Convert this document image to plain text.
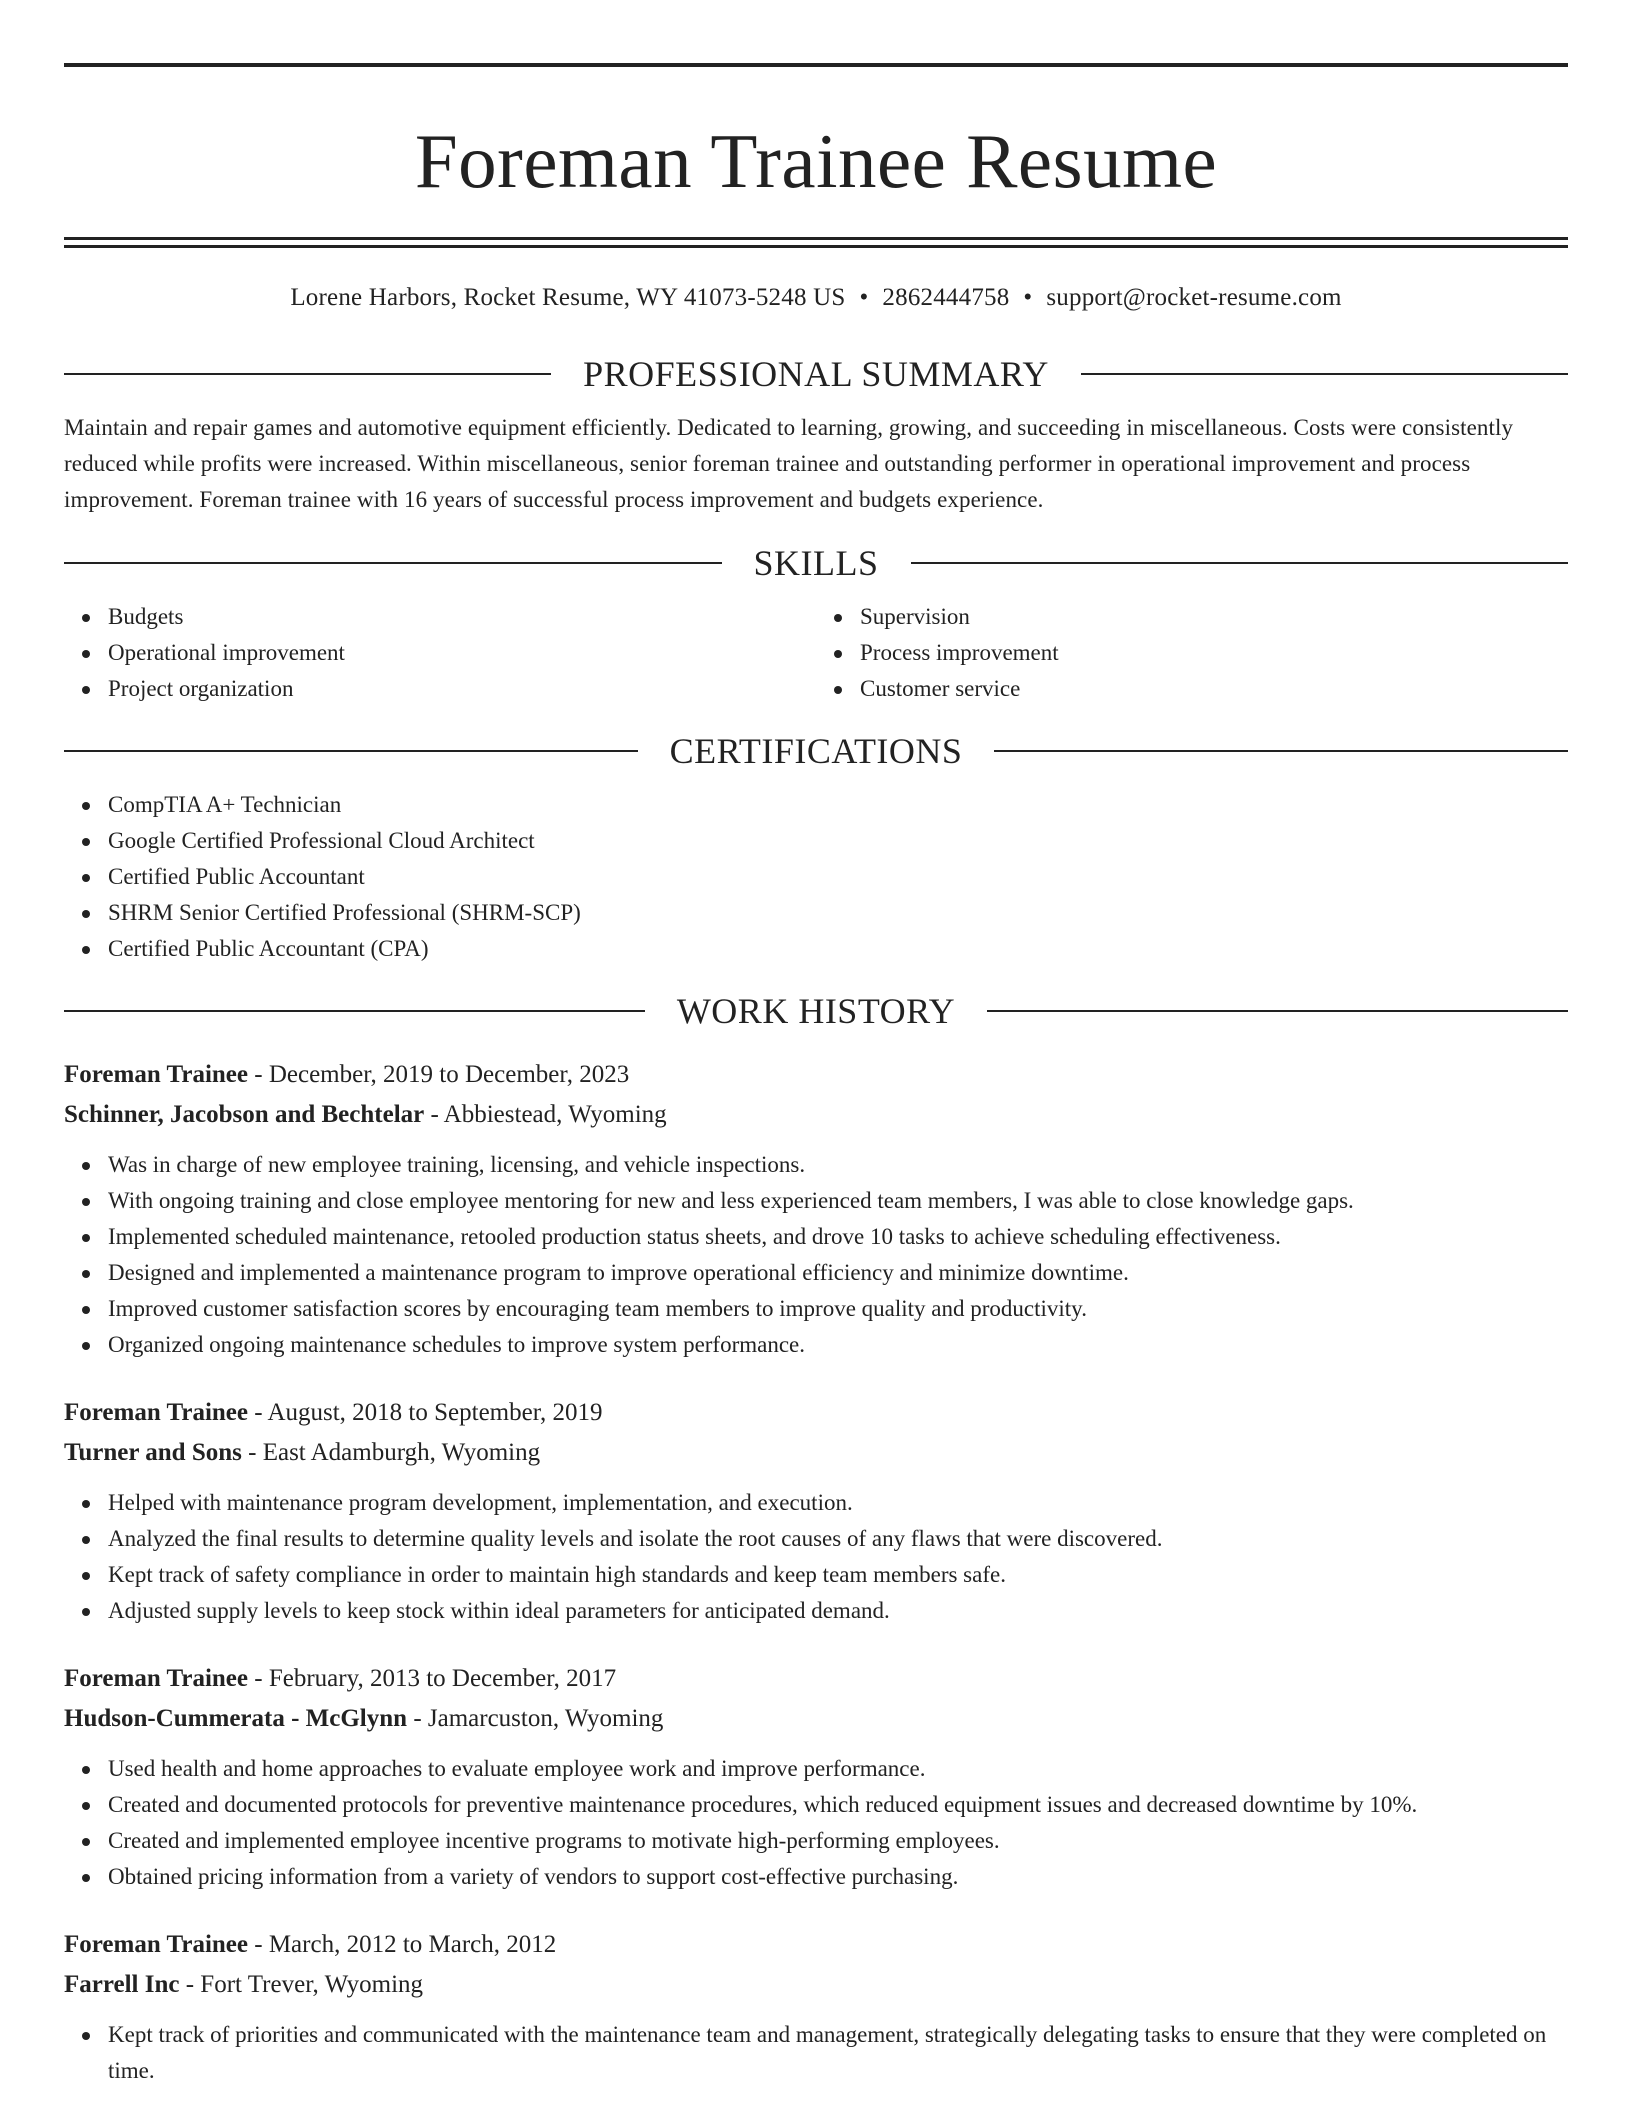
Foreman Trainee Resume
Lorene Harbors, Rocket Resume, WY 41073-5248 US • 2862444758 • support@rocket-resume.com
PROFESSIONAL SUMMARY

Maintain and repair games and automotive equipment efficiently. Dedicated to learning, growing, and succeeding in miscellaneous. Costs were consistently reduced while profits were increased. Within miscellaneous, senior foreman trainee and outstanding performer in operational improvement and process improvement. Foreman trainee with 16 years of successful process improvement and budgets experience.

SKILLS
Budgets
Operational improvement
Project organization
Supervision
Process improvement
Customer service
CERTIFICATIONS
CompTIA A+ Technician
Google Certified Professional Cloud Architect
Certified Public Accountant
SHRM Senior Certified Professional (SHRM-SCP)
Certified Public Accountant (CPA)
WORK HISTORY
Foreman Trainee - December, 2019 to December, 2023
Schinner, Jacobson and Bechtelar - Abbiestead, Wyoming
Was in charge of new employee training, licensing, and vehicle inspections.
With ongoing training and close employee mentoring for new and less experienced team members, I was able to close knowledge gaps.
Implemented scheduled maintenance, retooled production status sheets, and drove 10 tasks to achieve scheduling effectiveness.
Designed and implemented a maintenance program to improve operational efficiency and minimize downtime.
Improved customer satisfaction scores by encouraging team members to improve quality and productivity.
Organized ongoing maintenance schedules to improve system performance.
Foreman Trainee - August, 2018 to September, 2019
Turner and Sons - East Adamburgh, Wyoming
Helped with maintenance program development, implementation, and execution.
Analyzed the final results to determine quality levels and isolate the root causes of any flaws that were discovered.
Kept track of safety compliance in order to maintain high standards and keep team members safe.
Adjusted supply levels to keep stock within ideal parameters for anticipated demand.
Foreman Trainee - February, 2013 to December, 2017
Hudson-Cummerata - McGlynn - Jamarcuston, Wyoming
Used health and home approaches to evaluate employee work and improve performance.
Created and documented protocols for preventive maintenance procedures, which reduced equipment issues and decreased downtime by 10%.
Created and implemented employee incentive programs to motivate high-performing employees.
Obtained pricing information from a variety of vendors to support cost-effective purchasing.
Foreman Trainee - March, 2012 to March, 2012
Farrell Inc - Fort Trever, Wyoming
Kept track of priorities and communicated with the maintenance team and management, strategically delegating tasks to ensure that they were completed on time.
